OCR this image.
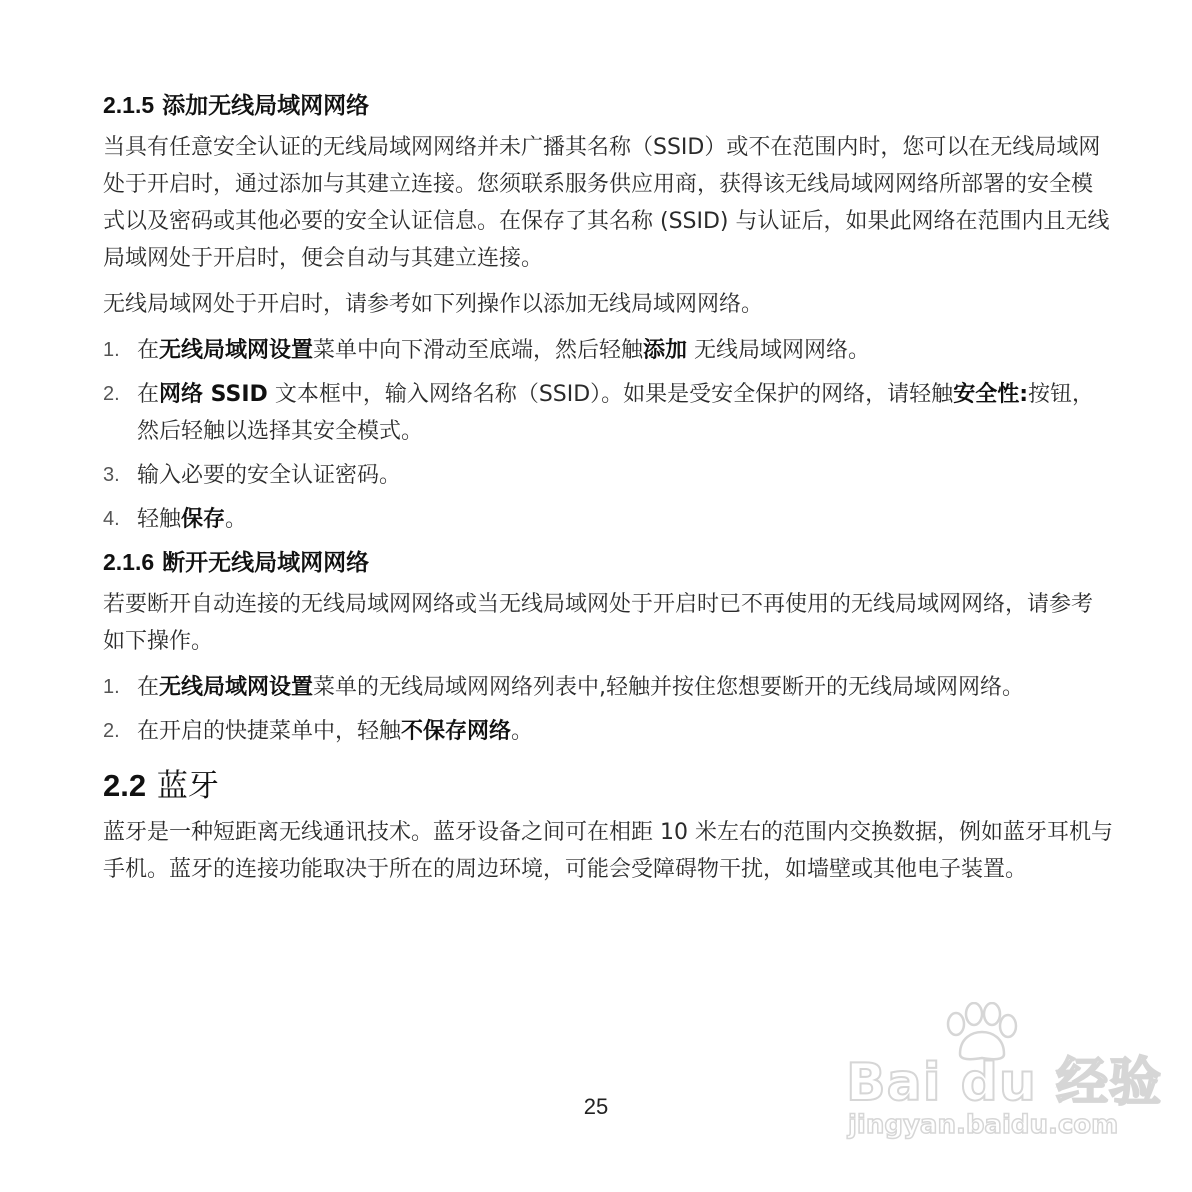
2.1.5 添加无线局域网网络
当具有任意安全认证的无线局域网网络并未广播其名称（SSID）或不在范围内时，您可以在无线局域网处于开启时，通过添加与其建立连接。您须联系服务供应用商，获得该无线局域网网络所部署的安全模式以及密码或其他必要的安全认证信息。在保存了其名称 (SSID) 与认证后，如果此网络在范围内且无线局域网处于开启时，便会自动与其建立连接。
无线局域网处于开启时，请参考如下列操作以添加无线局域网网络。
1. 在无线局域网设置菜单中向下滑动至底端，然后轻触添加 无线局域网网络。
2. 在网络 SSID 文本框中，输入网络名称（SSID）。如果是受安全保护的网络，请轻触安全性:按钮，然后轻触以选择其安全模式。
3. 输入必要的安全认证密码。
4. 轻触保存。
2.1.6 断开无线局域网网络
若要断开自动连接的无线局域网网络或当无线局域网处于开启时已不再使用的无线局域网网络，请参考如下操作。
1. 在无线局域网设置菜单的无线局域网网络列表中,轻触并按住您想要断开的无线局域网网络。
2. 在开启的快捷菜单中，轻触不保存网络。
2.2 蓝牙
蓝牙是一种短距离无线通讯技术。蓝牙设备之间可在相距 10 米左右的范围内交换数据，例如蓝牙耳机与手机。蓝牙的连接功能取决于所在的周边环境，可能会受障碍物干扰，如墙壁或其他电子装置。
25	Bai du 经验
jingyan.baidu.com
